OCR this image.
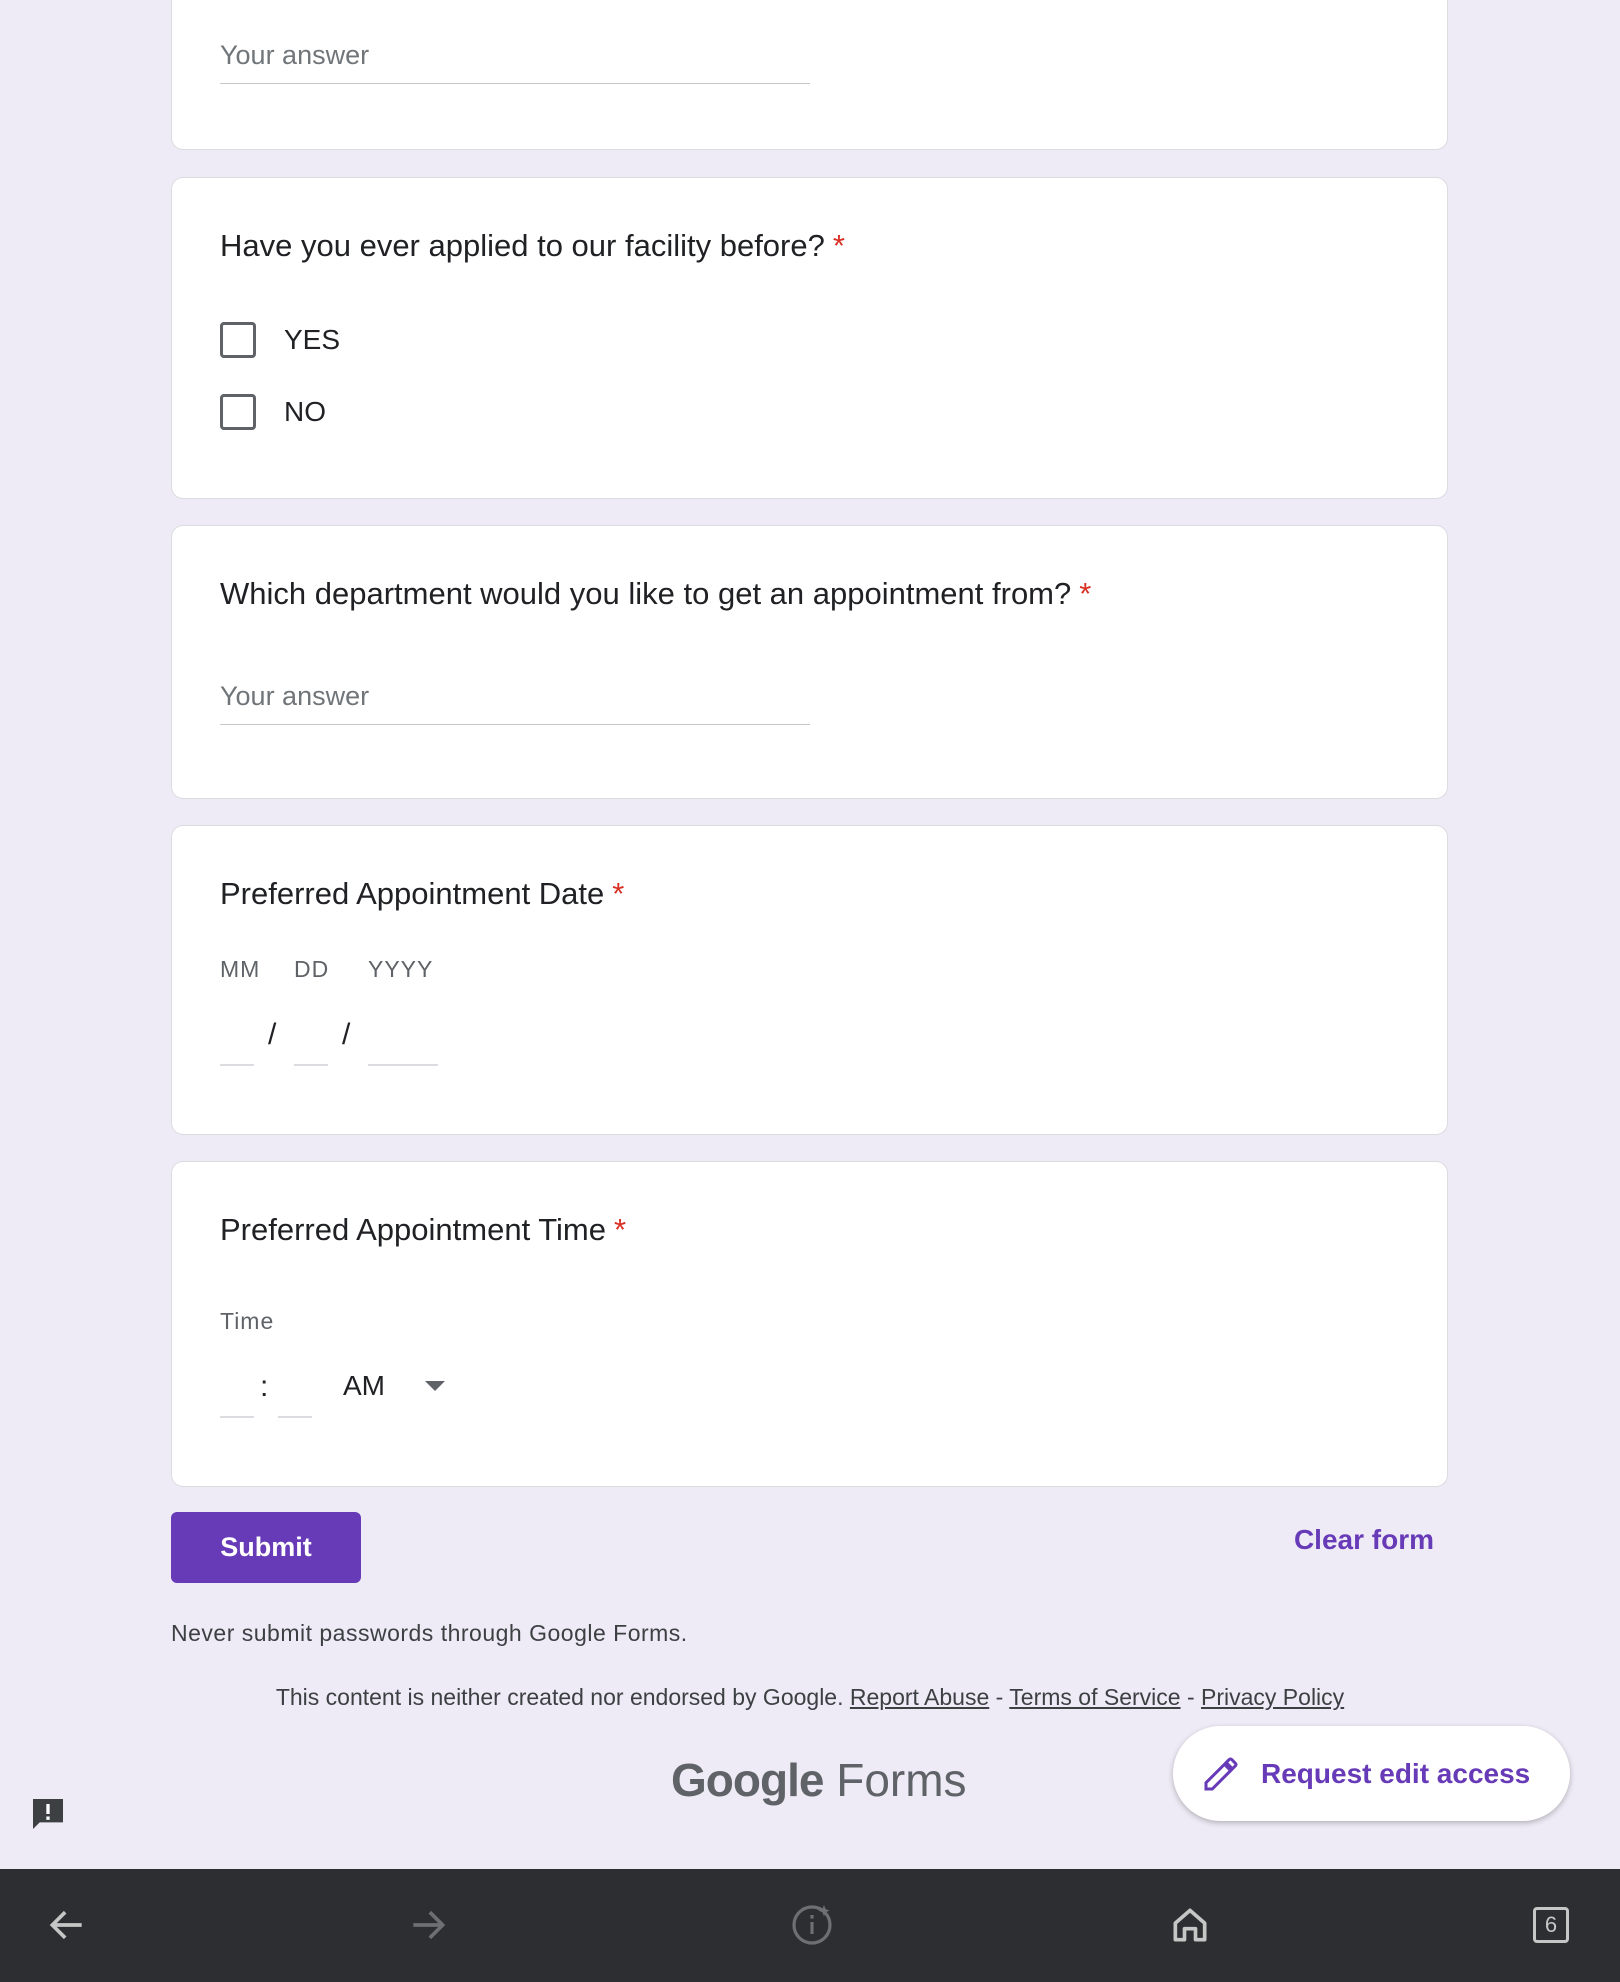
Your answer
Have you ever applied to our facility before? *
YES
NO
Which department would you like to get an appointment from? *
Your answer
Preferred Appointment Date *
MM DD YYYY
/ /
Preferred Appointment Time *
Time
:	AM
Submit	Clear form
Never submit passwords through Google Forms.
This content is neither created nor endorsed by Google. Report Abuse - Terms of Service - Privacy Policy
Google Forms	Request edit access
6
